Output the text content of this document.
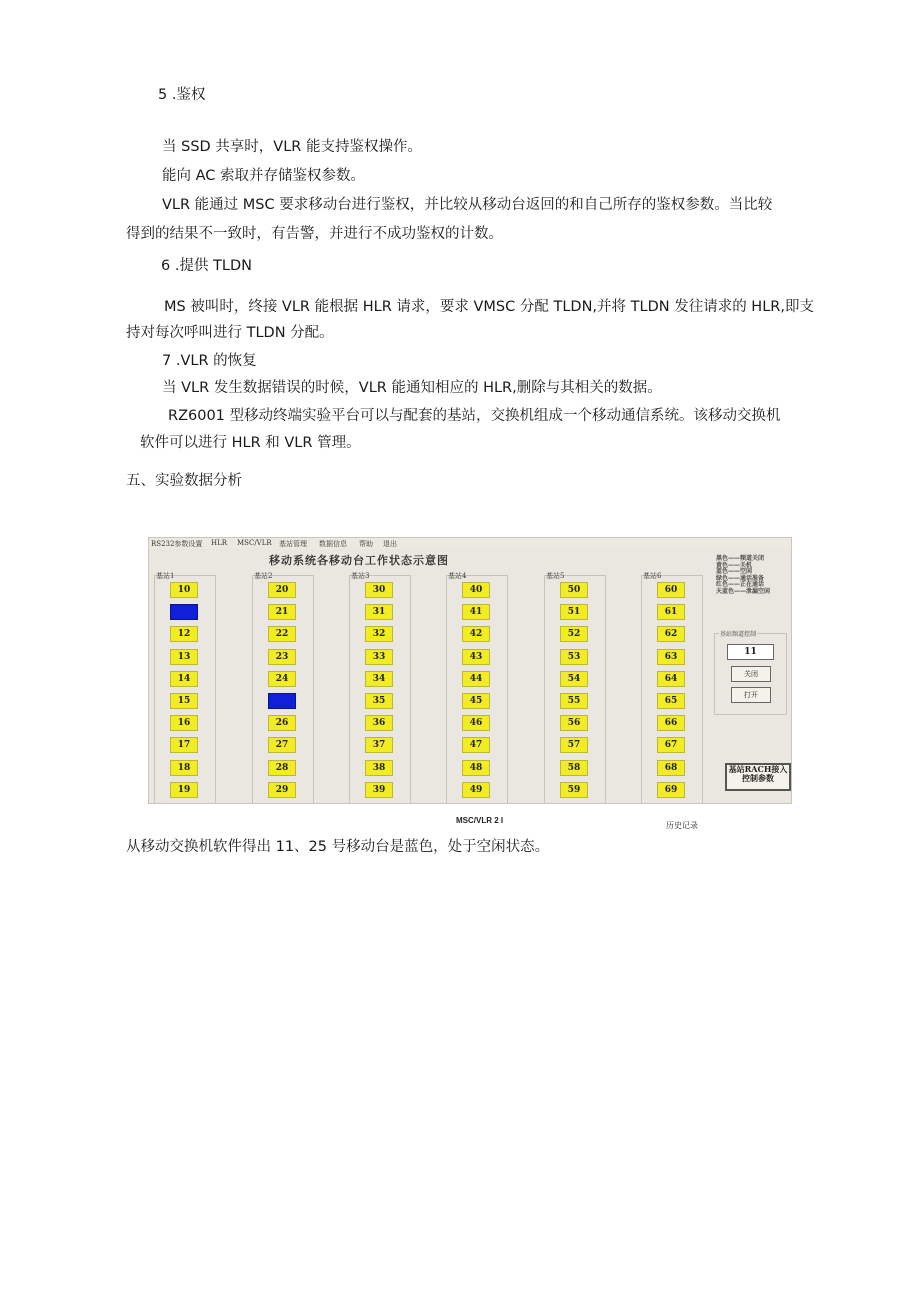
5 .鉴权
当 SSD 共享时，VLR 能支持鉴权操作。
能向 AC 索取并存储鉴权参数。
VLR 能通过 MSC 要求移动台进行鉴权，并比较从移动台返回的和自己所存的鉴权参数。当比较
得到的结果不一致时，有告警，并进行不成功鉴权的计数。
6 .提供 TLDN
MS 被叫时，终接 VLR 能根据 HLR 请求，要求 VMSC 分配 TLDN,并将 TLDN 发往请求的 HLR,即支
持对每次呼叫进行 TLDN 分配。
7 .VLR 的恢复
当 VLR 发生数据错误的时候，VLR 能通知相应的 HLR,删除与其相关的数据。
RZ6001 型移动终端实验平台可以与配套的基站，交换机组成一个移动通信系统。该移动交换机
软件可以进行 HLR 和 VLR 管理。
五、实验数据分析
RS232参数设置 HLR MSC/VLR 基站管理 数据信息 帮助 退出
移动系统各移动台工作状态示意图	黑色——频道关闭
黄色——关机
蓝色——空闲
绿色——通话准备
红色——正在通话
天蓝色——泄漏空闲
基站频道控制
11
关闭
打开
基站RACH接入控制参数
基站1
10
12
13
14
15
16
17
18
19
基站2
20
21
22
23
24
26
27
28
29
基站3
30
31
32
33
34
35
36
37
38
39
基站4
40
41
42
43
44
45
46
47
48
49
基站5
50
51
52
53
54
55
56
57
58
59
基站6
60
61
62
63
64
65
66
67
68
69
MSC/VLR 2 I
历史记录
从移动交换机软件得出 11、25 号移动台是蓝色，处于空闲状态。
